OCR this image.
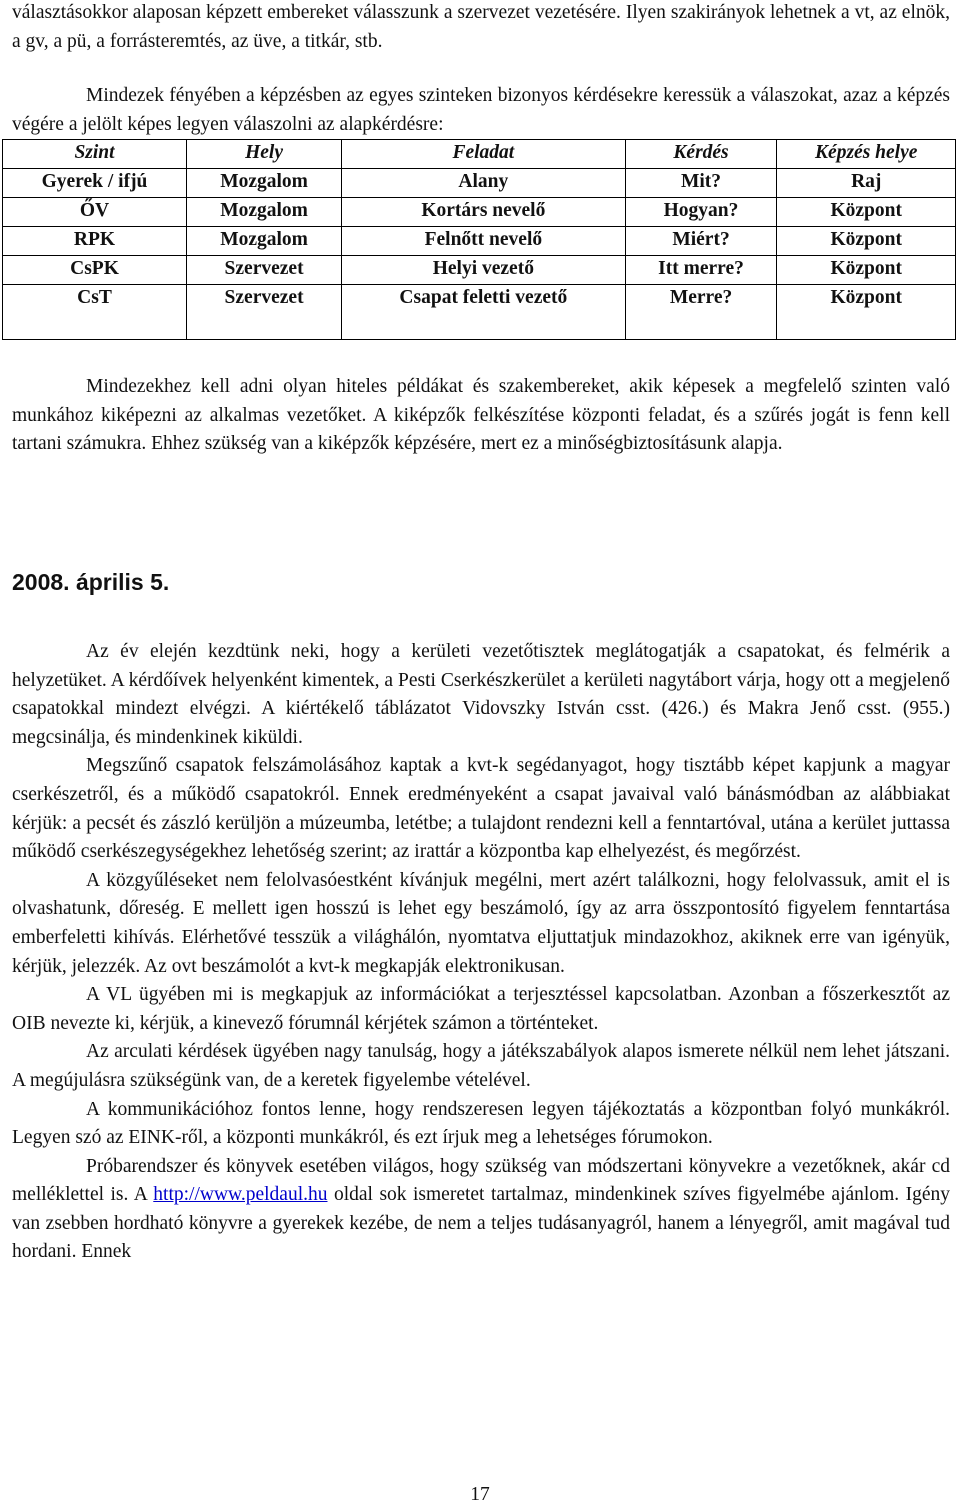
választásokkor alaposan képzett embereket válasszunk a szervezet vezetésére. Ilyen szakirányok lehetnek a vt, az elnök, a gv, a pü, a forrásteremtés, az üve, a titkár, stb.

Mindezek fényében a képzésben az egyes szinteken bizonyos kérdésekre keressük a válaszokat, azaz a képzés végére a jelölt képes legyen válaszolni az alapkérdésre:

Szint	Hely	Feladat	Kérdés	Képzés helye
Gyerek / ifjú	Mozgalom	Alany	Mit?	Raj
ŐV	Mozgalom	Kortárs nevelő	Hogyan?	Központ
RPK	Mozgalom	Felnőtt nevelő	Miért?	Központ
CsPK	Szervezet	Helyi vezető	Itt merre?	Központ
CsT	Szervezet	Csapat feletti vezető	Merre?	Központ

Mindezekhez kell adni olyan hiteles példákat és szakembereket, akik képesek a megfelelő szinten való munkához kiképezni az alkalmas vezetőket. A kiképzők felkészítése központi feladat, és a szűrés jogát is fenn kell tartani számukra. Ehhez szükség van a kiképzők képzésére, mert ez a minőségbiztosításunk alapja.

2008. április 5.

Az év elején kezdtünk neki, hogy a kerületi vezetőtisztek meglátogatják a csapatokat, és felmérik a helyzetüket. A kérdőívek helyenként kimentek, a Pesti Cserkészkerület a kerületi nagytábort várja, hogy ott a megjelenő csapatokkal mindezt elvégzi. A kiértékelő táblázatot Vidovszky István csst. (426.) és Makra Jenő csst. (955.) megcsinálja, és mindenkinek kiküldi.

Megszűnő csapatok felszámolásához kaptak a kvt-k segédanyagot, hogy tisztább képet kapjunk a magyar cserkészetről, és a működő csapatokról. Ennek eredményeként a csapat javaival való bánásmódban az alábbiakat kérjük: a pecsét és zászló kerüljön a múzeumba, letétbe; a tulajdont rendezni kell a fenntartóval, utána a kerület juttassa működő cserkészegységekhez lehetőség szerint; az irattár a központba kap elhelyezést, és megőrzést.

A közgyűléseket nem felolvasóestként kívánjuk megélni, mert azért találkozni, hogy felolvassuk, amit el is olvashatunk, dőreség. E mellett igen hosszú is lehet egy beszámoló, így az arra összpontosító figyelem fenntartása emberfeletti kihívás. Elérhetővé tesszük a világhálón, nyomtatva eljuttatjuk mindazokhoz, akiknek erre van igényük, kérjük, jelezzék. Az ovt beszámolót a kvt-k megkapják elektronikusan.

A VL ügyében mi is megkapjuk az információkat a terjesztéssel kapcsolatban. Azonban a főszerkesztőt az OIB nevezte ki, kérjük, a kinevező fórumnál kérjétek számon a történteket.

Az arculati kérdések ügyében nagy tanulság, hogy a játékszabályok alapos ismerete nélkül nem lehet játszani. A megújulásra szükségünk van, de a keretek figyelembe vételével.

A kommunikációhoz fontos lenne, hogy rendszeresen legyen tájékoztatás a központban folyó munkákról. Legyen szó az EINK-ről, a központi munkákról, és ezt írjuk meg a lehetséges fórumokon.

Próbarendszer és könyvek esetében világos, hogy szükség van módszertani könyvekre a vezetőknek, akár cd melléklettel is. A http://www.peldaul.hu oldal sok ismeretet tartalmaz, mindenkinek szíves figyelmébe ajánlom. Igény van zsebben hordható könyvre a gyerekek kezébe, de nem a teljes tudásanyagról, hanem a lényegről, amit magával tud hordani. Ennek

17
